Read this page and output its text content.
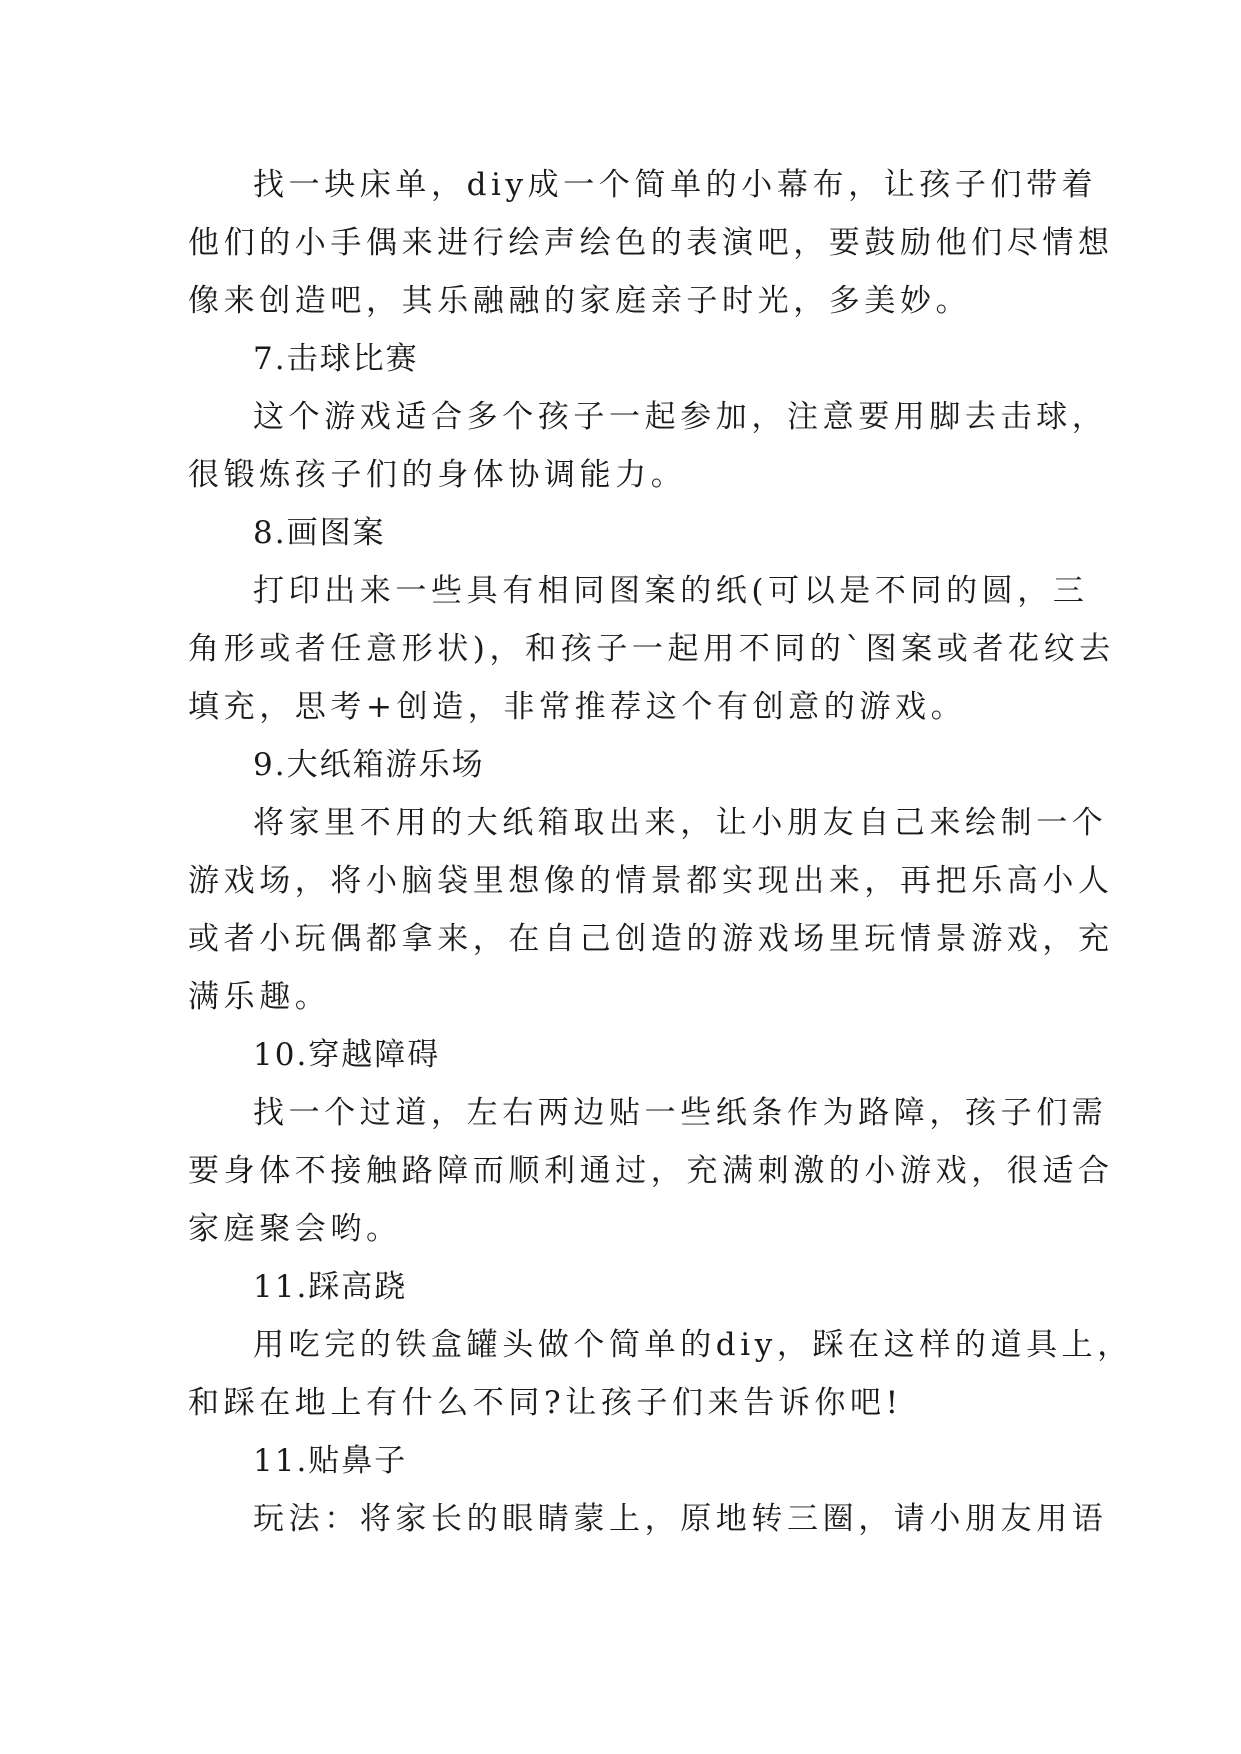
找一块床单，diy成一个简单的小幕布，让孩子们带着
他们的小手偶来进行绘声绘色的表演吧，要鼓励他们尽情想
像来创造吧，其乐融融的家庭亲子时光，多美妙。
7.击球比赛
这个游戏适合多个孩子一起参加，注意要用脚去击球，
很锻炼孩子们的身体协调能力。
8.画图案
打印出来一些具有相同图案的纸(可以是不同的圆，三
角形或者任意形状)，和孩子一起用不同的`图案或者花纹去
填充，思考+创造，非常推荐这个有创意的游戏。
9.大纸箱游乐场
将家里不用的大纸箱取出来，让小朋友自己来绘制一个
游戏场，将小脑袋里想像的情景都实现出来，再把乐高小人
或者小玩偶都拿来，在自己创造的游戏场里玩情景游戏，充
满乐趣。
10.穿越障碍
找一个过道，左右两边贴一些纸条作为路障，孩子们需
要身体不接触路障而顺利通过，充满刺激的小游戏，很适合
家庭聚会哟。
11.踩高跷
用吃完的铁盒罐头做个简单的diy，踩在这样的道具上，
和踩在地上有什么不同?让孩子们来告诉你吧!
11.贴鼻子
玩法：将家长的眼睛蒙上，原地转三圈，请小朋友用语
